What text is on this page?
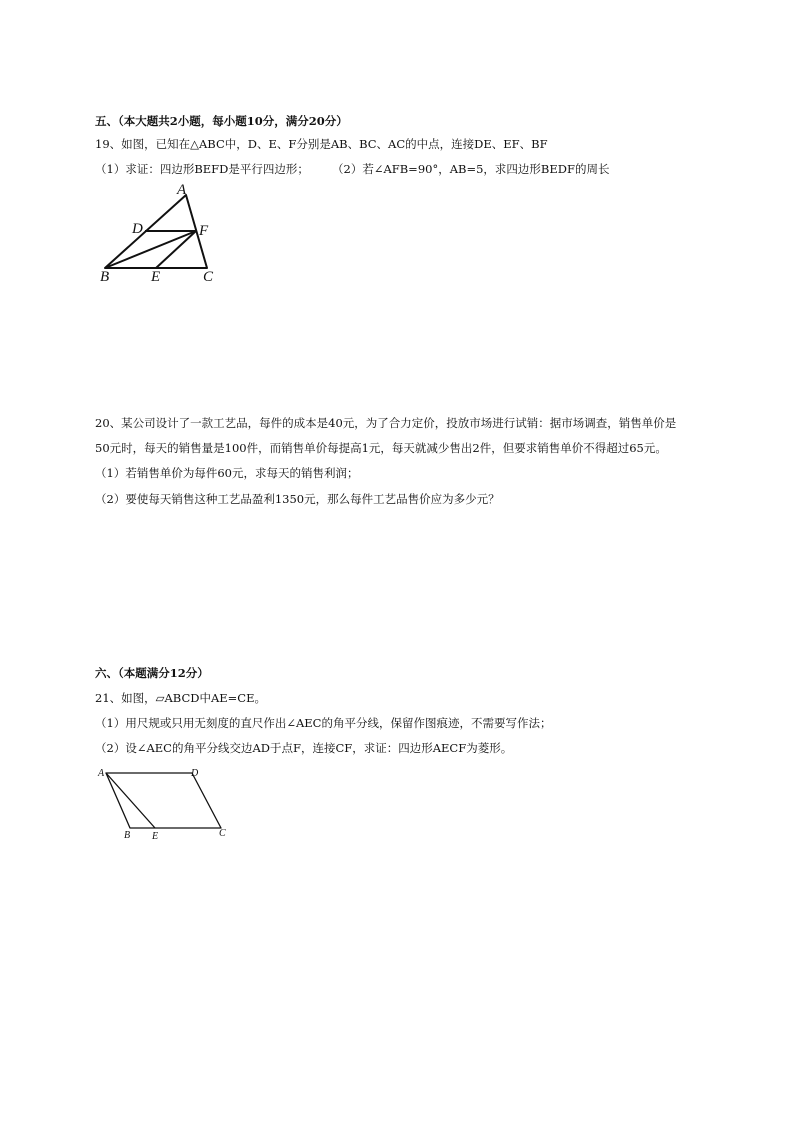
五、（本大题共2小题，每小题10分，满分20分）
19、如图，已知在△ABC中，D、E、F分别是AB、BC、AC的中点，连接DE、EF、BF
（1）求证：四边形BEFD是平行四边形； （2）若∠AFB=90°，AB=5，求四边形BEDF的周长
A
D	F
B	E	C
20、某公司设计了一款工艺品，每件的成本是40元，为了合力定价，投放市场进行试销：据市场调查，销售单价是
50元时，每天的销售量是100件，而销售单价每提高1元，每天就减少售出2件，但要求销售单价不得超过65元。
（1）若销售单价为每件60元，求每天的销售利润；
（2）要使每天销售这种工艺品盈利1350元，那么每件工艺品售价应为多少元？
六、（本题满分12分）
21、如图，▱ABCD中AE=CE。
（1）用尺规或只用无刻度的直尺作出∠AEC的角平分线，保留作图痕迹，不需要写作法；
（2）设∠AEC的角平分线交边AD于点F，连接CF，求证：四边形AECF为菱形。
A	D
B E	C
